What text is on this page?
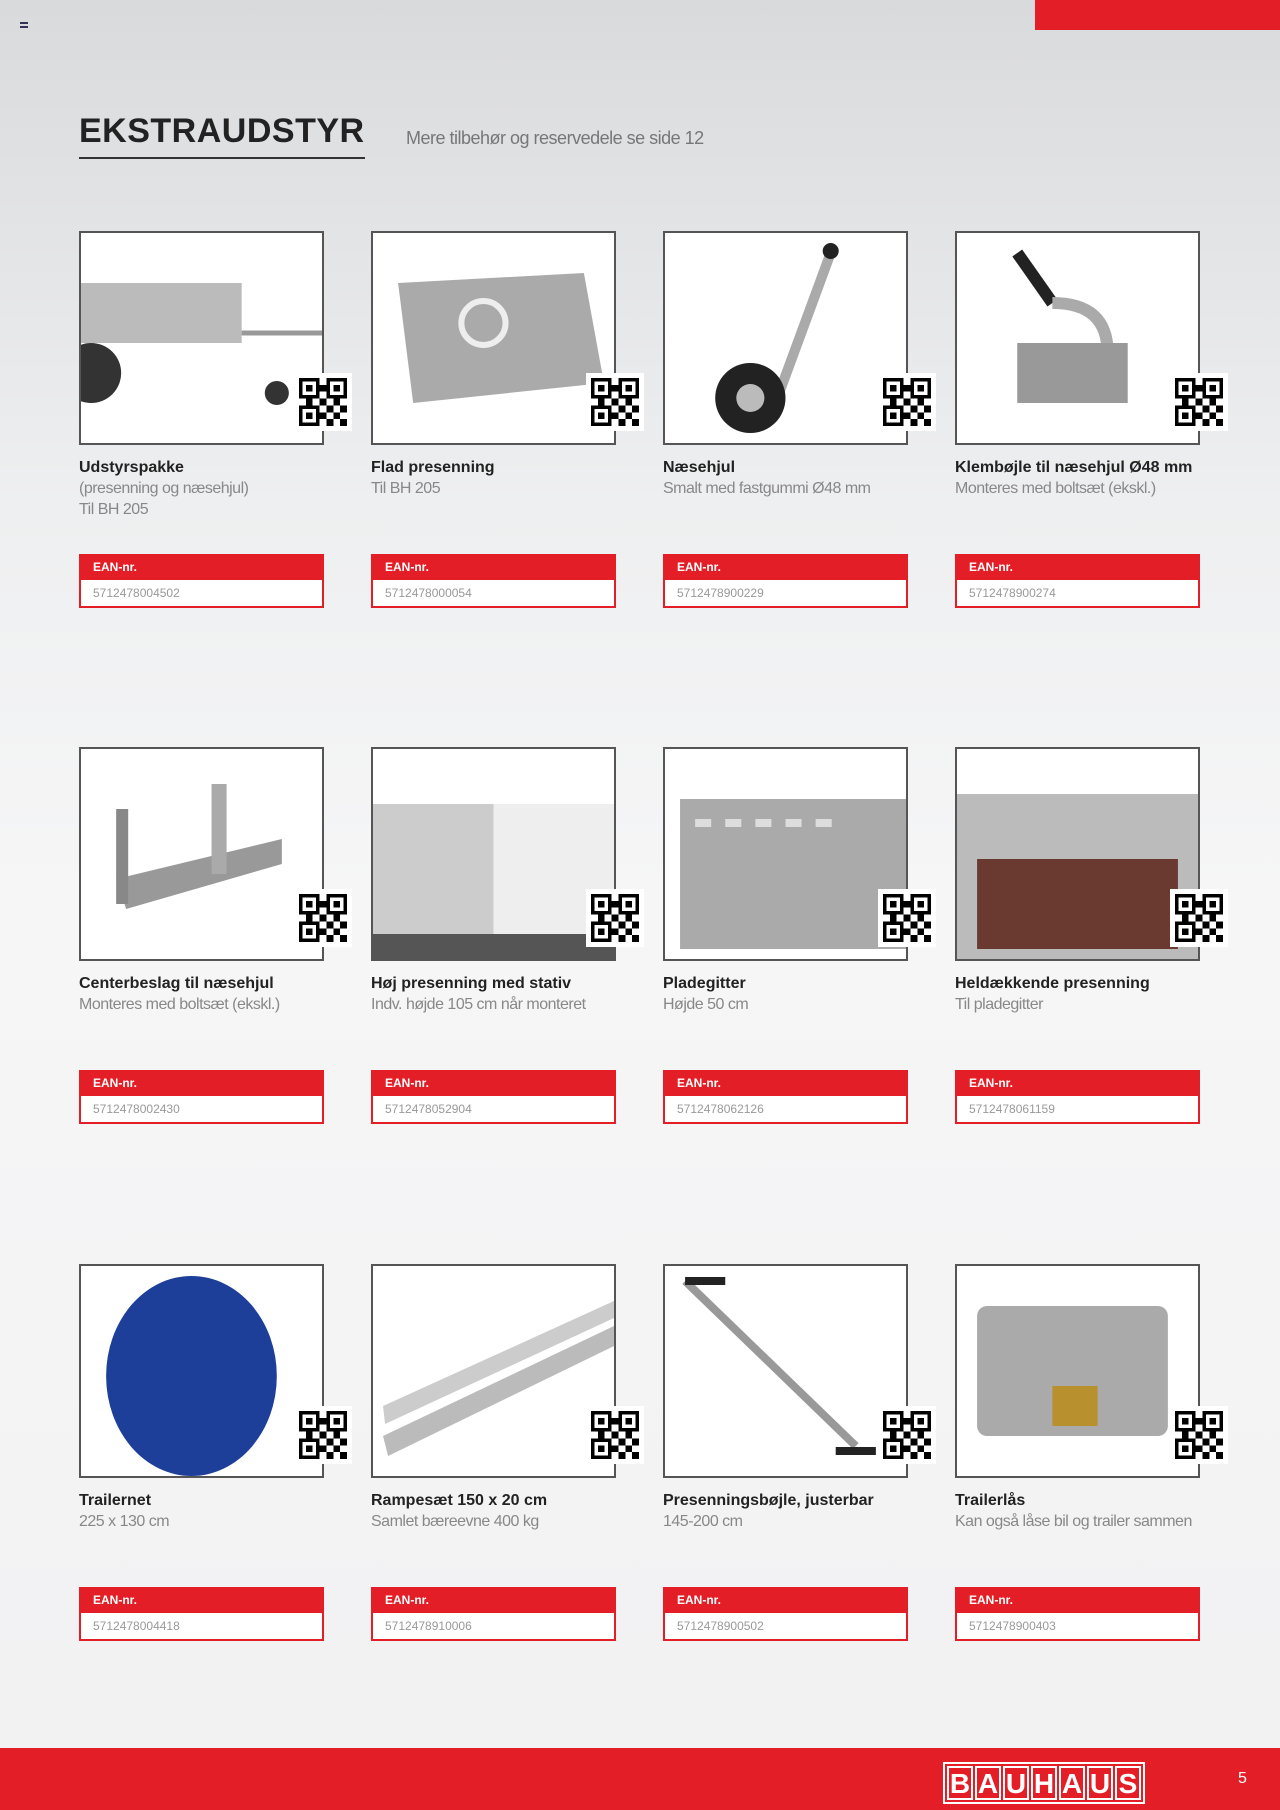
EKSTRAUDSTYR Mere tilbehør og reservedele se side 12
Udstyrspakke
(presenning og næsehjul)
Til BH 205
EAN-nr.
5712478004502
Flad presenning
Til BH 205
EAN-nr.
5712478000054
Næsehjul
Smalt med fastgummi Ø48 mm
EAN-nr.
5712478900229
Klembøjle til næsehjul Ø48 mm
Monteres med boltsæt (ekskl.)
EAN-nr.
5712478900274
Centerbeslag til næsehjul
Monteres med boltsæt (ekskl.)
EAN-nr.
5712478002430
Høj presenning med stativ
Indv. højde 105 cm når monteret
EAN-nr.
5712478052904
Pladegitter
Højde 50 cm
EAN-nr.
5712478062126
Heldækkende presenning
Til pladegitter
EAN-nr.
5712478061159
Trailernet
225 x 130 cm
EAN-nr.
5712478004418
Rampesæt 150 x 20 cm
Samlet bæreevne 400 kg
EAN-nr.
5712478910006
Presenningsbøjle, justerbar
145-200 cm
EAN-nr.
5712478900502
Trailerlås
Kan også låse bil og trailer sammen
EAN-nr.
5712478900403
B A U H A U S	5
